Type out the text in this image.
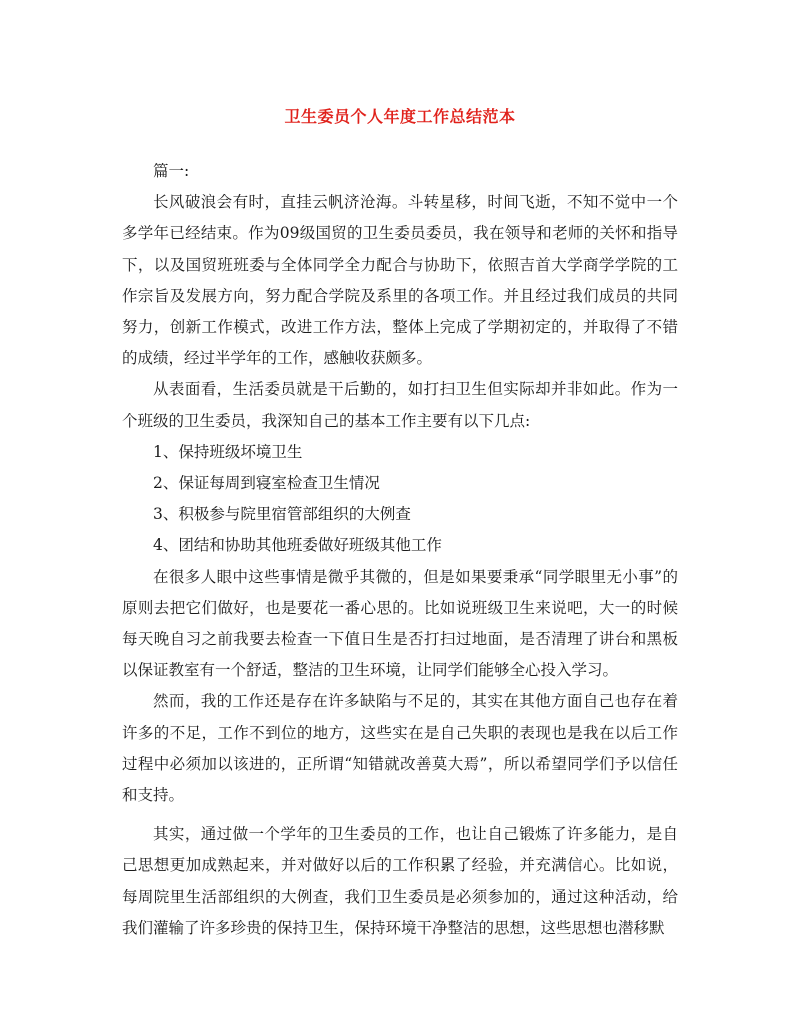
卫生委员个人年度工作总结范本

篇一:

长风破浪会有时，直挂云帆济沧海。斗转星移，时间飞逝，不知不觉中一个多学年已经结束。作为09级国贸的卫生委员委员，我在领导和老师的关怀和指导下，以及国贸班班委与全体同学全力配合与协助下，依照吉首大学商学学院的工作宗旨及发展方向，努力配合学院及系里的各项工作。并且经过我们成员的共同努力，创新工作模式，改进工作方法，整体上完成了学期初定的，并取得了不错的成绩，经过半学年的工作，感触收获颇多。

从表面看，生活委员就是干后勤的，如打扫卫生但实际却并非如此。作为一个班级的卫生委员，我深知自己的基本工作主要有以下几点:

1、保持班级坏境卫生

2、保证每周到寝室检查卫生情况

3、积极参与院里宿管部组织的大例查

4、团结和协助其他班委做好班级其他工作

在很多人眼中这些事情是微乎其微的，但是如果要秉承“同学眼里无小事”的原则去把它们做好，也是要花一番心思的。比如说班级卫生来说吧，大一的时候每天晚自习之前我要去检查一下值日生是否打扫过地面，是否清理了讲台和黑板以保证教室有一个舒适，整洁的卫生环境，让同学们能够全心投入学习。

然而，我的工作还是存在许多缺陷与不足的，其实在其他方面自己也存在着许多的不足，工作不到位的地方，这些实在是自己失职的表现也是我在以后工作过程中必须加以该进的，正所谓“知错就改善莫大焉”，所以希望同学们予以信任和支持。

其实，通过做一个学年的卫生委员的工作，也让自己锻炼了许多能力，是自己思想更加成熟起来，并对做好以后的工作积累了经验，并充满信心。比如说，每周院里生活部组织的大例查，我们卫生委员是必须参加的，通过这种活动，给我们灌输了许多珍贵的保持卫生，保持环境干净整洁的思想，这些思想也潜移默
